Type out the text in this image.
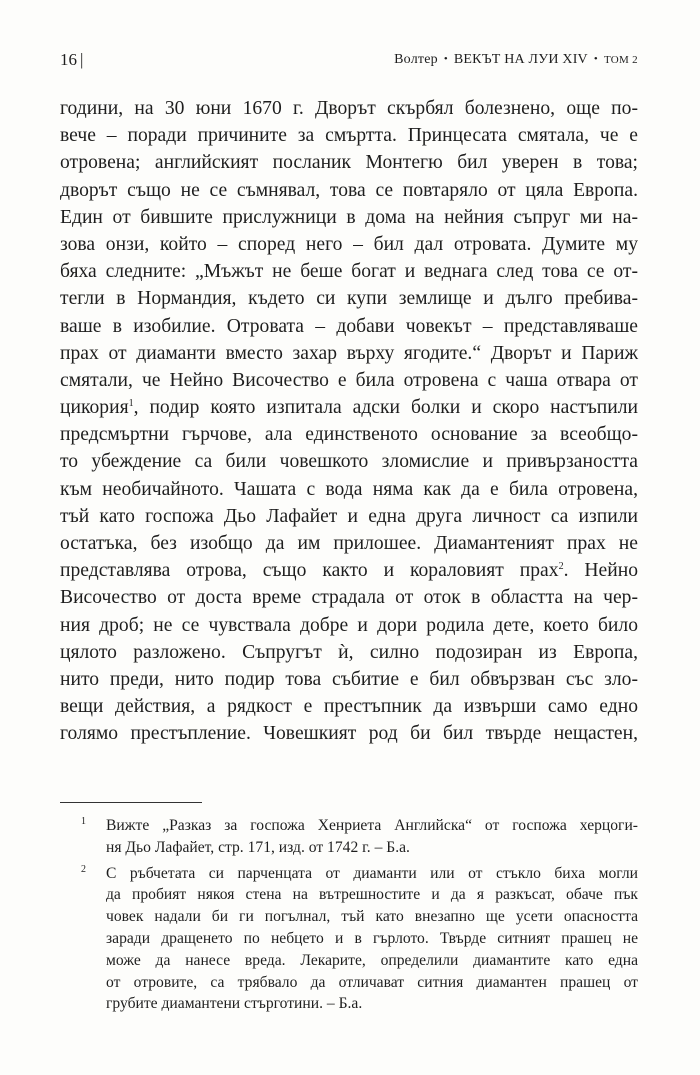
16 |	Волтер • ВЕКЪТ НА ЛУИ XIV • ТОМ 2
години, на 30 юни 1670 г. Дворът скърбял болезнено, още по-
вече – поради причините за смъртта. Принцесата смятала, че е
отровена; английският посланик Монтегю бил уверен в това;
дворът също не се съмнявал, това се повтаряло от цяла Европа.
Един от бившите прислужници в дома на нейния съпруг ми на-
зова онзи, който – според него – бил дал отровата. Думите му
бяха следните: „Мъжът не беше богат и веднага след това се от-
тегли в Нормандия, където си купи землище и дълго пребива-
ваше в изобилие. Отровата – добави човекът – представляваше
прах от диаманти вместо захар върху ягодите.“ Дворът и Париж
смятали, че Нейно Височество е била отровена с чаша отвара от
цикория$^1$, подир която изпитала адски болки и скоро настъпили
предсмъртни гърчове, ала единственото основание за всеобщо-
то убеждение са били човешкото зломислие и привързаността
към необичайното. Чашата с вода няма как да е била отровена,
тъй като госпожа Дьо Лафайет и една друга личност са изпили
остатъка, без изобщо да им прилошее. Диамантеният прах не
представлява отрова, също както и кораловият прах$^2$. Нейно
Височество от доста време страдала от оток в областта на чер-
ния дроб; не се чувствала добре и дори родила дете, което било
цялото разложено. Съпругът ѝ, силно подозиран из Европа,
нито преди, нито подир това събитие е бил обвързван със зло-
вещи действия, а рядкост е престъпник да извърши само едно
голямо престъпление. Човешкият род би бил твърде нещастен,
1 Вижте „Разказ за госпожа Хенриета Английска“ от госпожа херцоги-
ня Дьо Лафайет, стр. 171, изд. от 1742 г. – Б.а.
2 С ръбчетата си парченцата от диаманти или от стъкло биха могли
да пробият някоя стена на вътрешностите и да я разкъсат, обаче пък
човек надали би ги погълнал, тъй като внезапно ще усети опасността
заради дращенето по небцето и в гърлото. Твърде ситният прашец не
може да нанесе вреда. Лекарите, определили диамантите като една
от отровите, са трябвало да отличават ситния диамантен прашец от
грубите диамантени стърготини. – Б.а.
